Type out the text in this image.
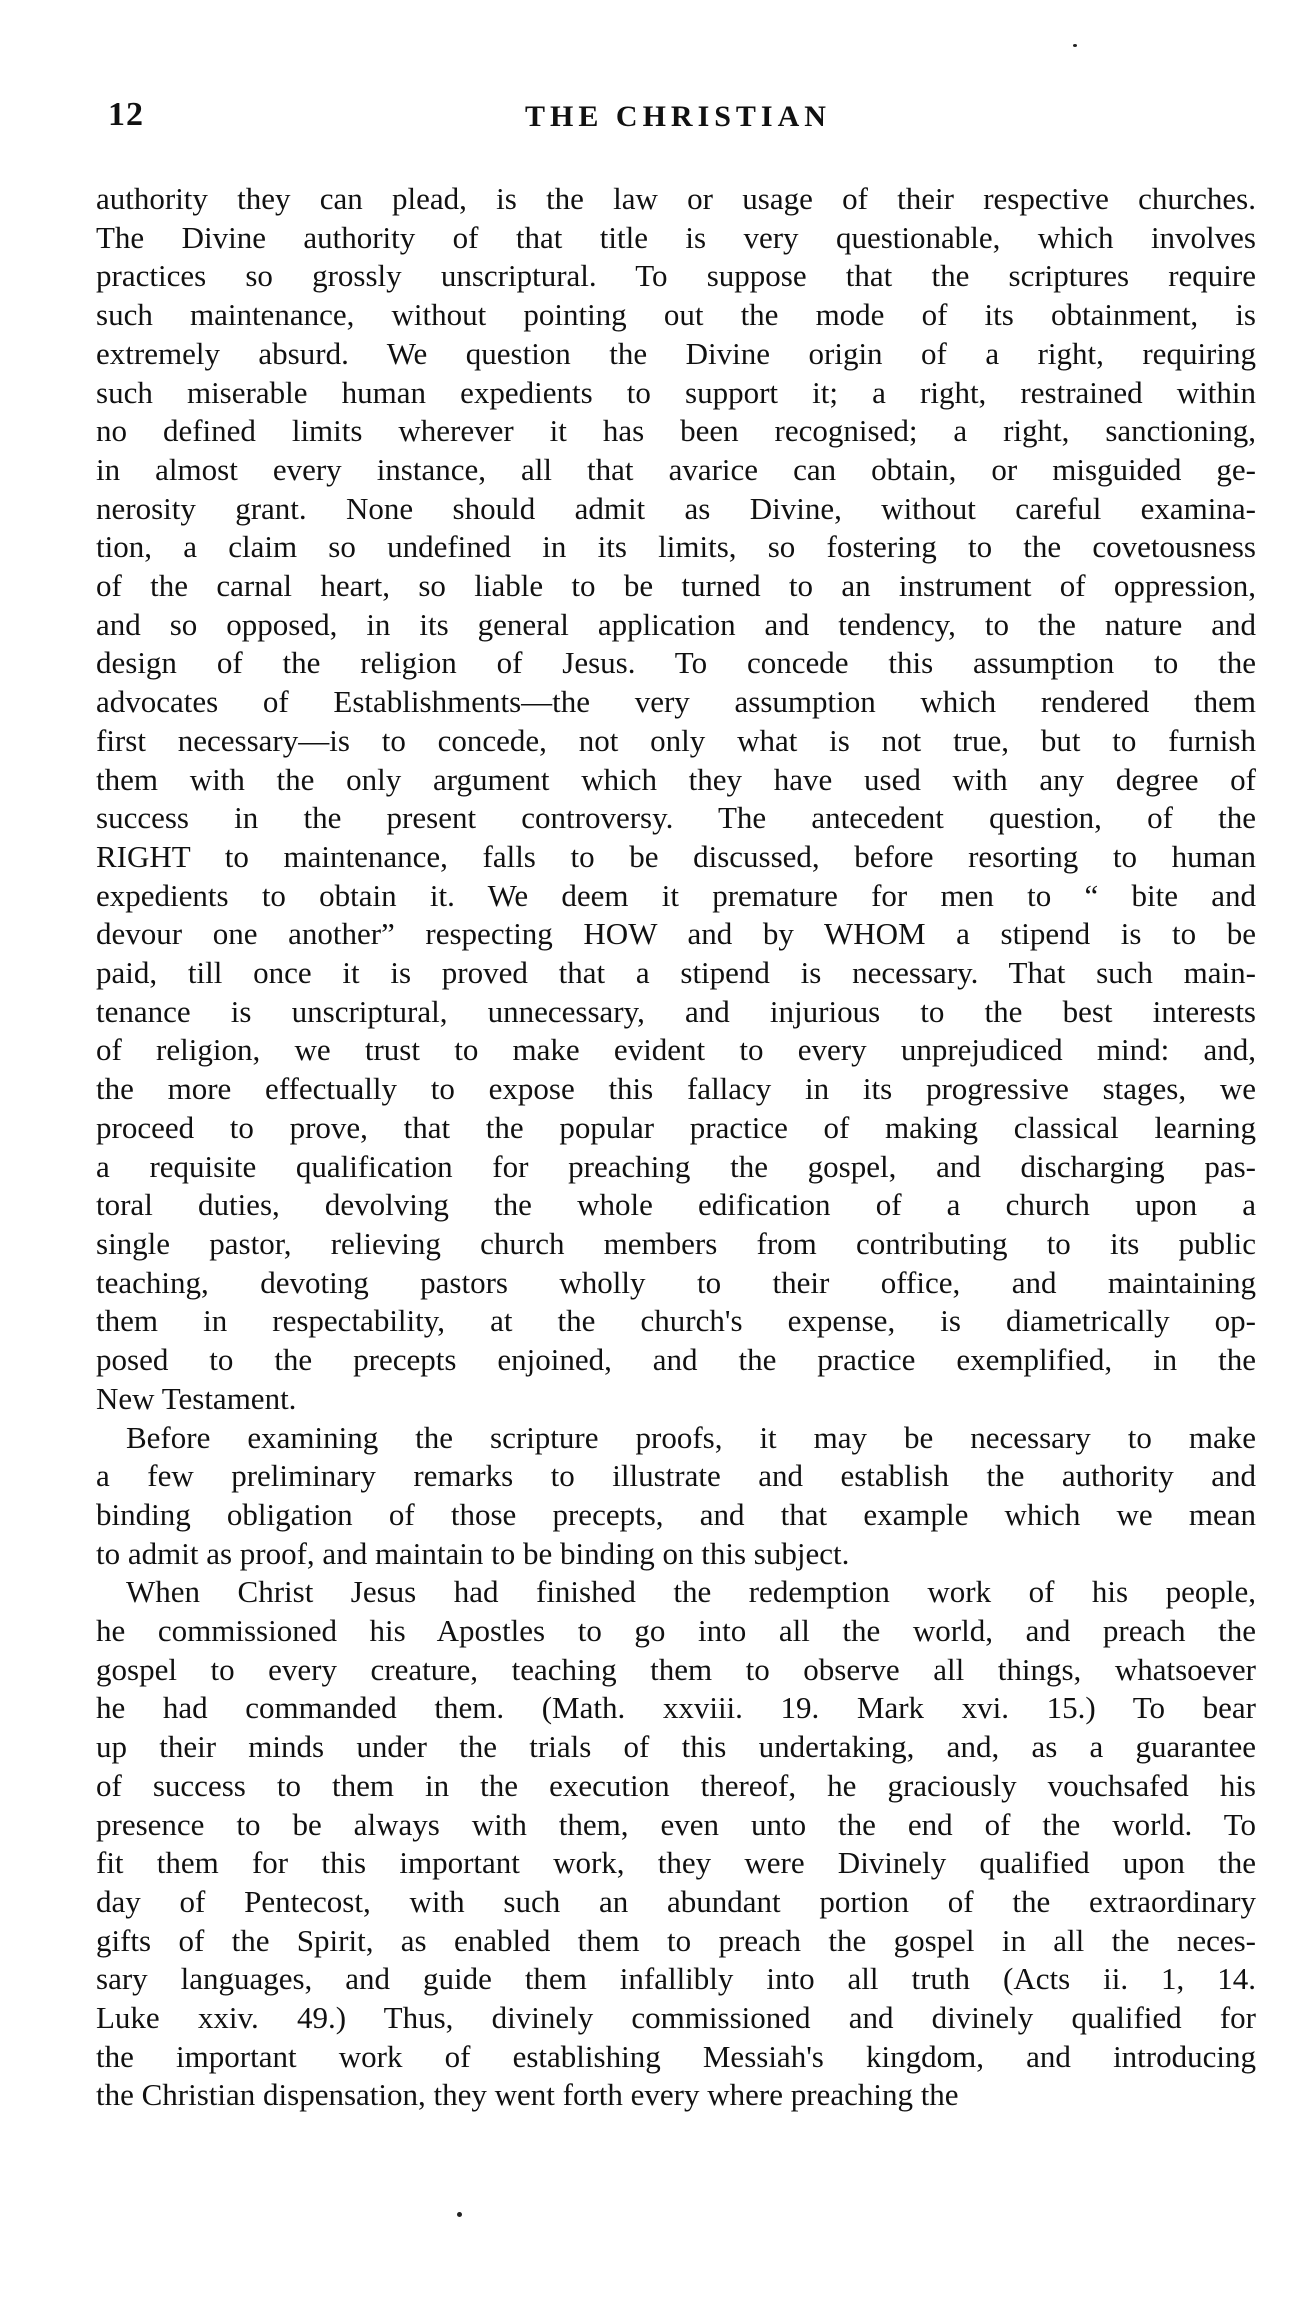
12	THE CHRISTIAN
authority they can plead, is the law or usage of their respective churches.
The Divine authority of that title is very questionable, which involves
practices so grossly unscriptural. To suppose that the scriptures require
such maintenance, without pointing out the mode of its obtainment, is
extremely absurd. We question the Divine origin of a right, requiring
such miserable human expedients to support it; a right, restrained within
no defined limits wherever it has been recognised; a right, sanctioning,
in almost every instance, all that avarice can obtain, or misguided ge-
nerosity grant. None should admit as Divine, without careful examina-
tion, a claim so undefined in its limits, so fostering to the covetousness
of the carnal heart, so liable to be turned to an instrument of oppression,
and so opposed, in its general application and tendency, to the nature and
design of the religion of Jesus. To concede this assumption to the
advocates of Establishments—the very assumption which rendered them
first necessary—is to concede, not only what is not true, but to furnish
them with the only argument which they have used with any degree of
success in the present controversy. The antecedent question, of the
RIGHT to maintenance, falls to be discussed, before resorting to human
expedients to obtain it. We deem it premature for men to “ bite and
devour one another” respecting HOW and by WHOM a stipend is to be
paid, till once it is proved that a stipend is necessary. That such main-
tenance is unscriptural, unnecessary, and injurious to the best interests
of religion, we trust to make evident to every unprejudiced mind: and,
the more effectually to expose this fallacy in its progressive stages, we
proceed to prove, that the popular practice of making classical learning
a requisite qualification for preaching the gospel, and discharging pas-
toral duties, devolving the whole edification of a church upon a
single pastor, relieving church members from contributing to its public
teaching, devoting pastors wholly to their office, and maintaining
them in respectability, at the church's expense, is diametrically op-
posed to the precepts enjoined, and the practice exemplified, in the
New Testament.
Before examining the scripture proofs, it may be necessary to make
a few preliminary remarks to illustrate and establish the authority and
binding obligation of those precepts, and that example which we mean
to admit as proof, and maintain to be binding on this subject.
When Christ Jesus had finished the redemption work of his people,
he commissioned his Apostles to go into all the world, and preach the
gospel to every creature, teaching them to observe all things, whatsoever
he had commanded them. (Math. xxviii. 19. Mark xvi. 15.) To bear
up their minds under the trials of this undertaking, and, as a guarantee
of success to them in the execution thereof, he graciously vouchsafed his
presence to be always with them, even unto the end of the world. To
fit them for this important work, they were Divinely qualified upon the
day of Pentecost, with such an abundant portion of the extraordinary
gifts of the Spirit, as enabled them to preach the gospel in all the neces-
sary languages, and guide them infallibly into all truth (Acts ii. 1, 14.
Luke xxiv. 49.) Thus, divinely commissioned and divinely qualified for
the important work of establishing Messiah's kingdom, and introducing
the Christian dispensation, they went forth every where preaching the
